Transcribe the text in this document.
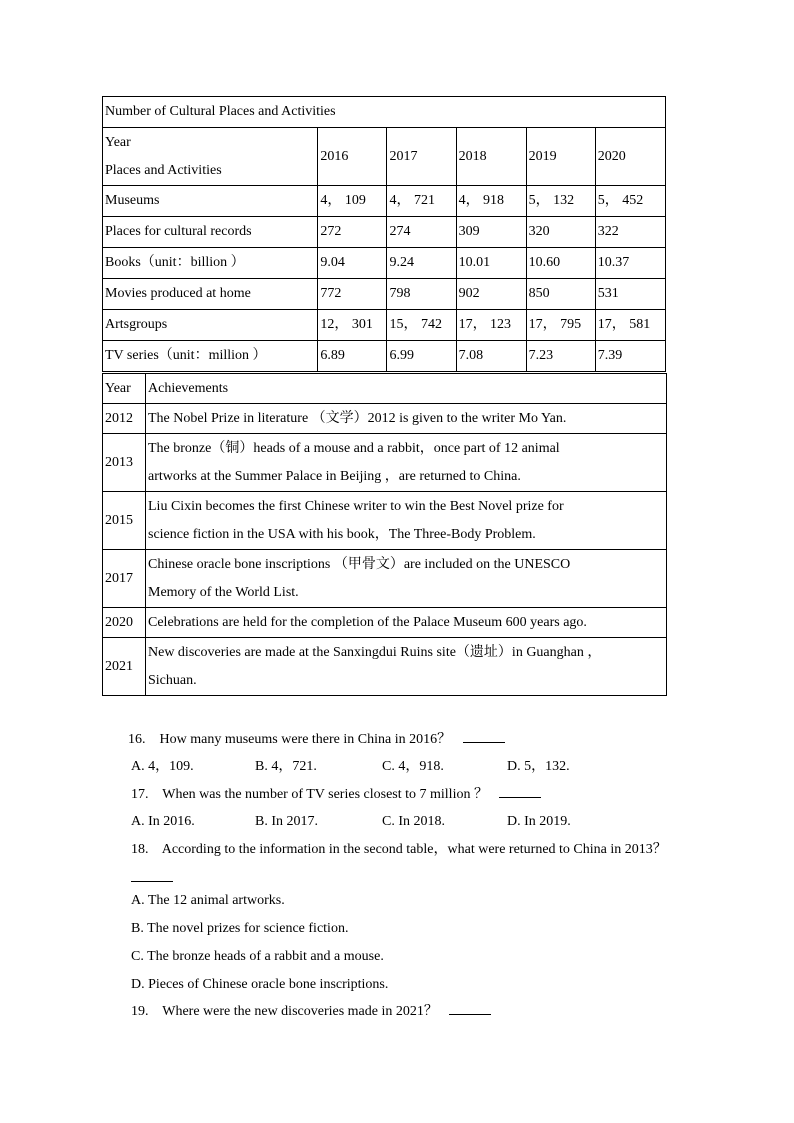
Number of Cultural Places and Activities					

Year
Places and Activities	2016	2017	2018	2019	2020
Museums	4， 109	4， 721	4， 918	5， 132	5， 452
Places for cultural records	272	274	309	320	322
Books（unit：billion ）	9.04	9.24	10.01	10.60	10.37
Movies produced at home	772	798	902	850	531
Artsgroups	12， 301	15， 742	17， 123	17， 795	17， 581
TV series（unit：million ）	6.89	6.99	7.08	7.23	7.39
Year	Achievements
2012	The Nobel Prize in literature （文学）2012 is given to the writer Mo Yan.

2013	The bronze（铜）heads of a mouse and a rabbit，once part of 12 animal
artworks at the Summer Palace in Beijing ，are returned to China.

2015	Liu Cixin becomes the first Chinese writer to win the Best Novel prize for
science fiction in the USA with his book，The Three-Body Problem.

2017	Chinese oracle bone inscriptions （甲骨文）are included on the UNESCO
Memory of the World List.

2020	Celebrations are held for the completion of the Palace Museum 600 years ago.

2021	New discoveries are made at the Sanxingdui Ruins site（遗址）in Guanghan ，
Sichuan.
16. How many museums were there in China in 2016？
A. 4，109.	B. 4，721.	C. 4，918.	D. 5，132.
17. When was the number of TV series closest to 7 million ？
A. In 2016.	B. In 2017.	C. In 2018.	D. In 2019.
18. According to the information in the second table，what were returned to China in 2013？
A. The 12 animal artworks.
B. The novel prizes for science fiction.
C. The bronze heads of a rabbit and a mouse.
D. Pieces of Chinese oracle bone inscriptions.
19. Where were the new discoveries made in 2021？
